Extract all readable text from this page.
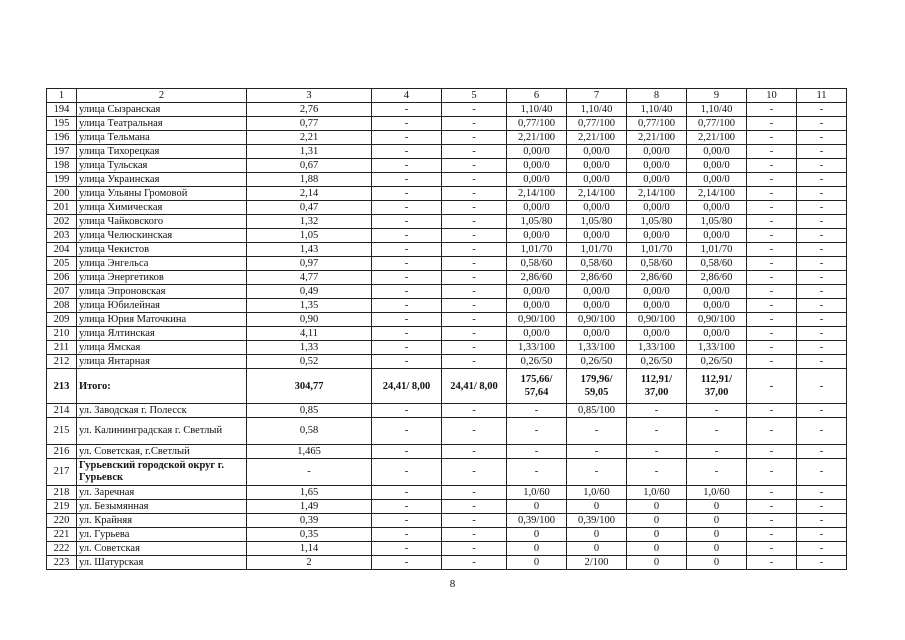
1	2	3	4	5	6	7	8	9	10	11
194	улица Сызранская	2,76	-	-	1,10/40	1,10/40	1,10/40	1,10/40	-	-
195	улица Театральная	0,77	-	-	0,77/100	0,77/100	0,77/100	0,77/100	-	-
196	улица Тельмана	2,21	-	-	2,21/100	2,21/100	2,21/100	2,21/100	-	-
197	улица Тихорецкая	1,31	-	-	0,00/0	0,00/0	0,00/0	0,00/0	-	-
198	улица Тульская	0,67	-	-	0,00/0	0,00/0	0,00/0	0,00/0	-	-
199	улица Украинская	1,88	-	-	0,00/0	0,00/0	0,00/0	0,00/0	-	-
200	улица Ульяны Громовой	2,14	-	-	2,14/100	2,14/100	2,14/100	2,14/100	-	-
201	улица Химическая	0,47	-	-	0,00/0	0,00/0	0,00/0	0,00/0	-	-
202	улица Чайковского	1,32	-	-	1,05/80	1,05/80	1,05/80	1,05/80	-	-
203	улица Челюскинская	1,05	-	-	0,00/0	0,00/0	0,00/0	0,00/0	-	-
204	улица Чекистов	1,43	-	-	1,01/70	1,01/70	1,01/70	1,01/70	-	-
205	улица Энгельса	0,97	-	-	0,58/60	0,58/60	0,58/60	0,58/60	-	-
206	улица Энергетиков	4,77	-	-	2,86/60	2,86/60	2,86/60	2,86/60	-	-
207	улица Эпроновская	0,49	-	-	0,00/0	0,00/0	0,00/0	0,00/0	-	-
208	улица Юбилейная	1,35	-	-	0,00/0	0,00/0	0,00/0	0,00/0	-	-
209	улица Юрия Маточкина	0,90	-	-	0,90/100	0,90/100	0,90/100	0,90/100	-	-
210	улица Ялтинская	4,11	-	-	0,00/0	0,00/0	0,00/0	0,00/0	-	-
211	улица Ямская	1,33	-	-	1,33/100	1,33/100	1,33/100	1,33/100	-	-
212	улица Янтарная	0,52	-	-	0,26/50	0,26/50	0,26/50	0,26/50	-	-
213	Итого:	304,77	24,41/ 8,00	24,41/ 8,00	175,66/ 57,64	179,96/ 59,05	112,91/ 37,00	112,91/ 37,00	-	-
214	ул. Заводская г. Полесск	0,85	-	-	-	0,85/100	-	-	-	-
215	ул. Калининградская г. Светлый	0,58	-	-	-	-	-	-	-	-
216	ул. Советская, г.Светлый	1,465	-	-	-	-	-	-	-	-
217	Гурьевский городской округ г. Гурьевск	-	-	-	-	-	-	-	-	-
218	ул. Заречная	1,65	-	-	1,0/60	1,0/60	1,0/60	1,0/60	-	-
219	ул. Безымянная	1,49	-	-	0	0	0	0	-	-
220	ул. Крайняя	0,39	-	-	0,39/100	0,39/100	0	0	-	-
221	ул. Гурьева	0,35	-	-	0	0	0	0	-	-
222	ул. Советская	1,14	-	-	0	0	0	0	-	-
223	ул. Шатурская	2	-	-	0	2/100	0	0	-	-
8
